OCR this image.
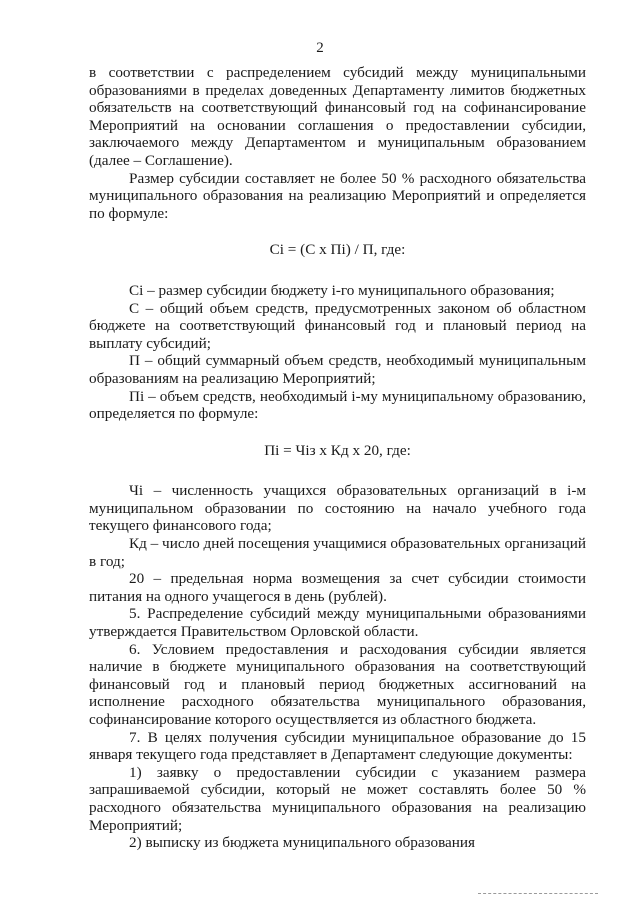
2

в соответствии с распределением субсидий между муниципальными образованиями в пределах доведенных Департаменту лимитов бюджетных обязательств на соответствующий финансовый год на софинансирование Мероприятий на основании соглашения о предоставлении субсидии, заключаемого между Департаментом и муниципальным образованием (далее – Соглашение).

Размер субсидии составляет не более 50 % расходного обязательства муниципального образования на реализацию Мероприятий и определяется по формуле:

Ci = (С х Пi) / П, где:

Ci – размер субсидии бюджету i-го муниципального образования;

С – общий объем средств, предусмотренных законом об областном бюджете на соответствующий финансовый год и плановый период на выплату субсидий;

П – общий суммарный объем средств, необходимый муниципальным образованиям на реализацию Мероприятий;

Пi – объем средств, необходимый i-му муниципальному образованию, определяется по формуле:

Пi = Чiз х Кд х 20, где:

Чi – численность учащихся образовательных организаций в i-м муниципальном образовании по состоянию на начало учебного года текущего финансового года;

Кд – число дней посещения учащимися образовательных организаций в год;

20 – предельная норма возмещения за счет субсидии стоимости питания на одного учащегося в день (рублей).

5. Распределение субсидий между муниципальными образованиями утверждается Правительством Орловской области.

6. Условием предоставления и расходования субсидии является наличие в бюджете муниципального образования на соответствующий финансовый год и плановый период бюджетных ассигнований на исполнение расходного обязательства муниципального образования, софинансирование которого осуществляется из областного бюджета.

7. В целях получения субсидии муниципальное образование до 15 января текущего года представляет в Департамент следующие документы:

1) заявку о предоставлении субсидии с указанием размера запрашиваемой субсидии, который не может составлять более 50 % расходного обязательства муниципального образования на реализацию Мероприятий;

2) выписку из бюджета муниципального образования
